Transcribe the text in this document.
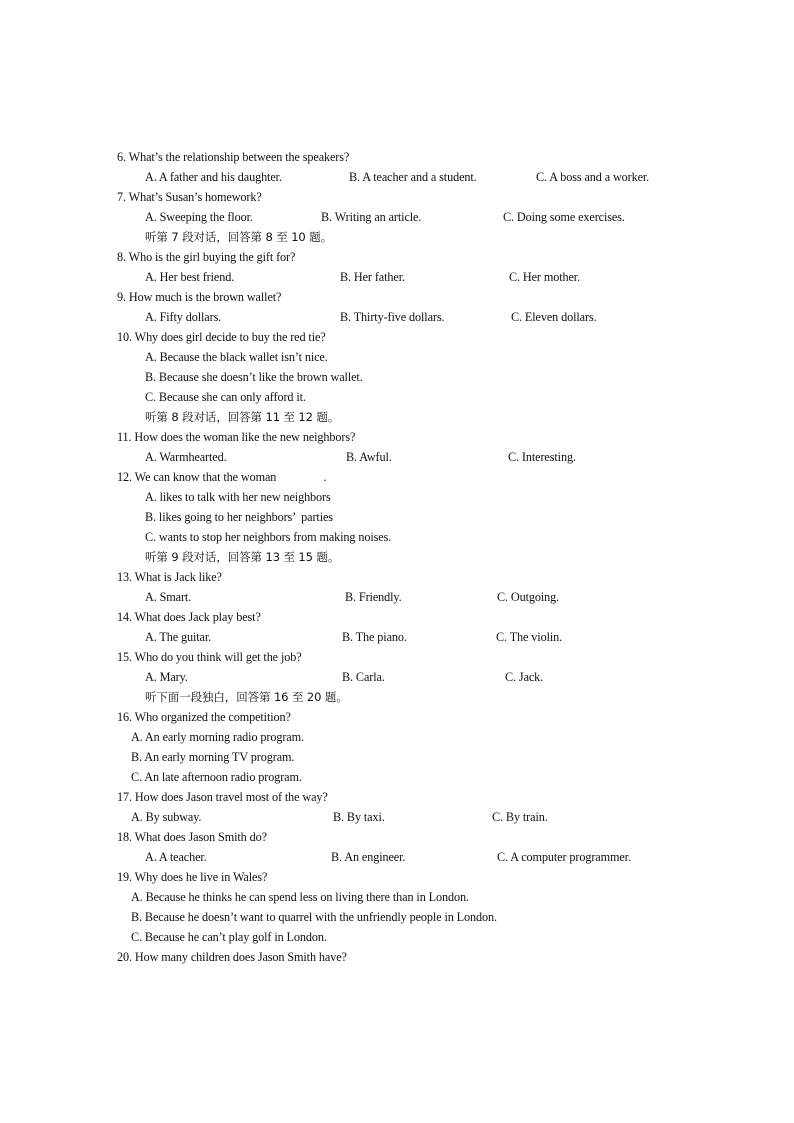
6. What’s the relationship between the speakers?
A. A father and his daughter.	B. A teacher and a student.	C. A boss and a worker.
7. What’s Susan’s homework?
A. Sweeping the floor.	B. Writing an article.	C. Doing some exercises.
听第 7 段对话，回答第 8 至 10 题。
8. Who is the girl buying the gift for?
A. Her best friend.	B. Her father.	C. Her mother.
9. How much is the brown wallet?
A. Fifty dollars.	B. Thirty-five dollars.	C. Eleven dollars.
10. Why does girl decide to buy the red tie?
A. Because the black wallet isn’t nice.
B. Because she doesn’t like the brown wallet.
C. Because she can only afford it.
听第 8 段对话，回答第 11 至 12 题。
11. How does the woman like the new neighbors?
A. Warmhearted.	B. Awful.	C. Interesting.
12. We can know that the woman                .
A. likes to talk with her new neighbors
B. likes going to her neighbors’  parties
C. wants to stop her neighbors from making noises.
听第 9 段对话，回答第 13 至 15 题。
13. What is Jack like?
A. Smart.	B. Friendly.	C. Outgoing.
14. What does Jack play best?
A. The guitar.	B. The piano.	C. The violin.
15. Who do you think will get the job?
A. Mary.	B. Carla.	C. Jack.
听下面一段独白，回答第 16 至 20 题。
16. Who organized the competition?
A. An early morning radio program.
B. An early morning TV program.
C. An late afternoon radio program.
17. How does Jason travel most of the way?
A. By subway.	B. By taxi.	C. By train.
18. What does Jason Smith do?
A. A teacher.	B. An engineer.	C. A computer programmer.
19. Why does he live in Wales?
A. Because he thinks he can spend less on living there than in London.
B. Because he doesn’t want to quarrel with the unfriendly people in London.
C. Because he can’t play golf in London.
20. How many children does Jason Smith have?
